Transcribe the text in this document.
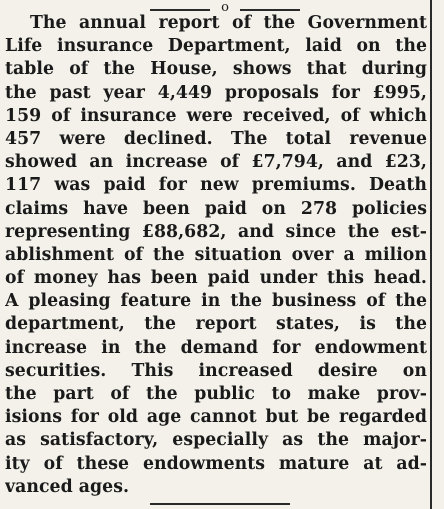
o
The annual report of the Government
Life insurance Department, laid on the
table of the House, shows that during
the past year 4,449 proposals for £995,
159 of insurance were received, of which
457 were declined. The total revenue
showed an increase of £7,794, and £23,
117 was paid for new premiums. Death
claims have been paid on 278 policies
representing £88,682, and since the est-
ablishment of the situation over a milion
of money has been paid under this head.
A pleasing feature in the business of the
department, the report states, is the
increase in the demand for endowment
securities. This increased desire on
the part of the public to make prov-
isions for old age cannot but be regarded
as satisfactory, especially as the major-
ity of these endowments mature at ad-
vanced ages.
